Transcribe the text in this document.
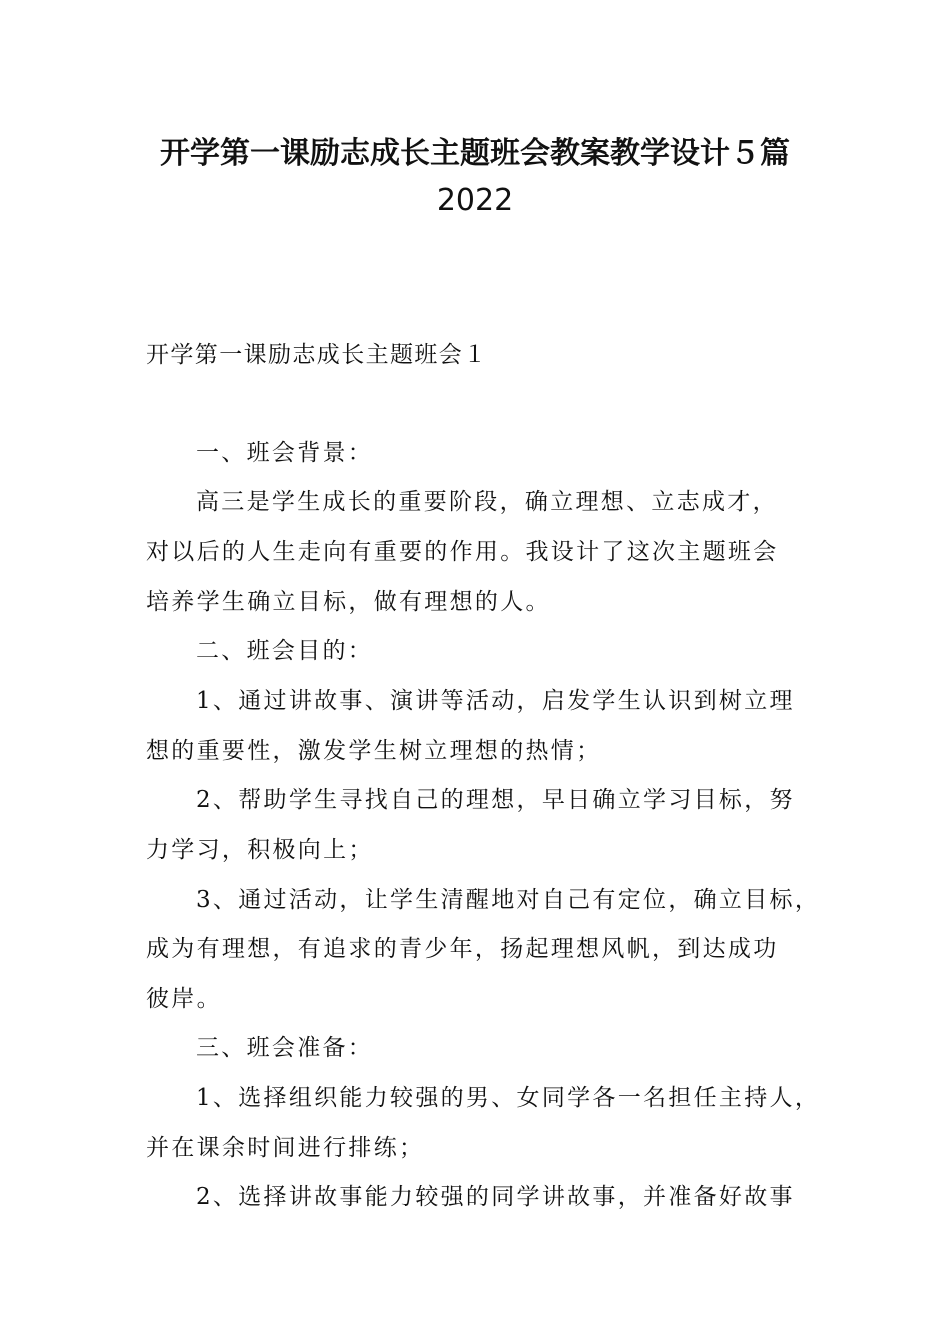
开学第一课励志成长主题班会教案教学设计５篇
2022

开学第一课励志成长主题班会１

一、班会背景：

高三是学生成长的重要阶段，确立理想、立志成才，

对以后的人生走向有重要的作用。我设计了这次主题班会

培养学生确立目标，做有理想的人。

二、班会目的：

1、通过讲故事、演讲等活动，启发学生认识到树立理

想的重要性，激发学生树立理想的热情；

2、帮助学生寻找自己的理想，早日确立学习目标，努

力学习，积极向上；

3、通过活动，让学生清醒地对自己有定位，确立目标，

成为有理想，有追求的青少年，扬起理想风帆，到达成功

彼岸。

三、班会准备：

1、选择组织能力较强的男、女同学各一名担任主持人，

并在课余时间进行排练；

2、选择讲故事能力较强的同学讲故事，并准备好故事
